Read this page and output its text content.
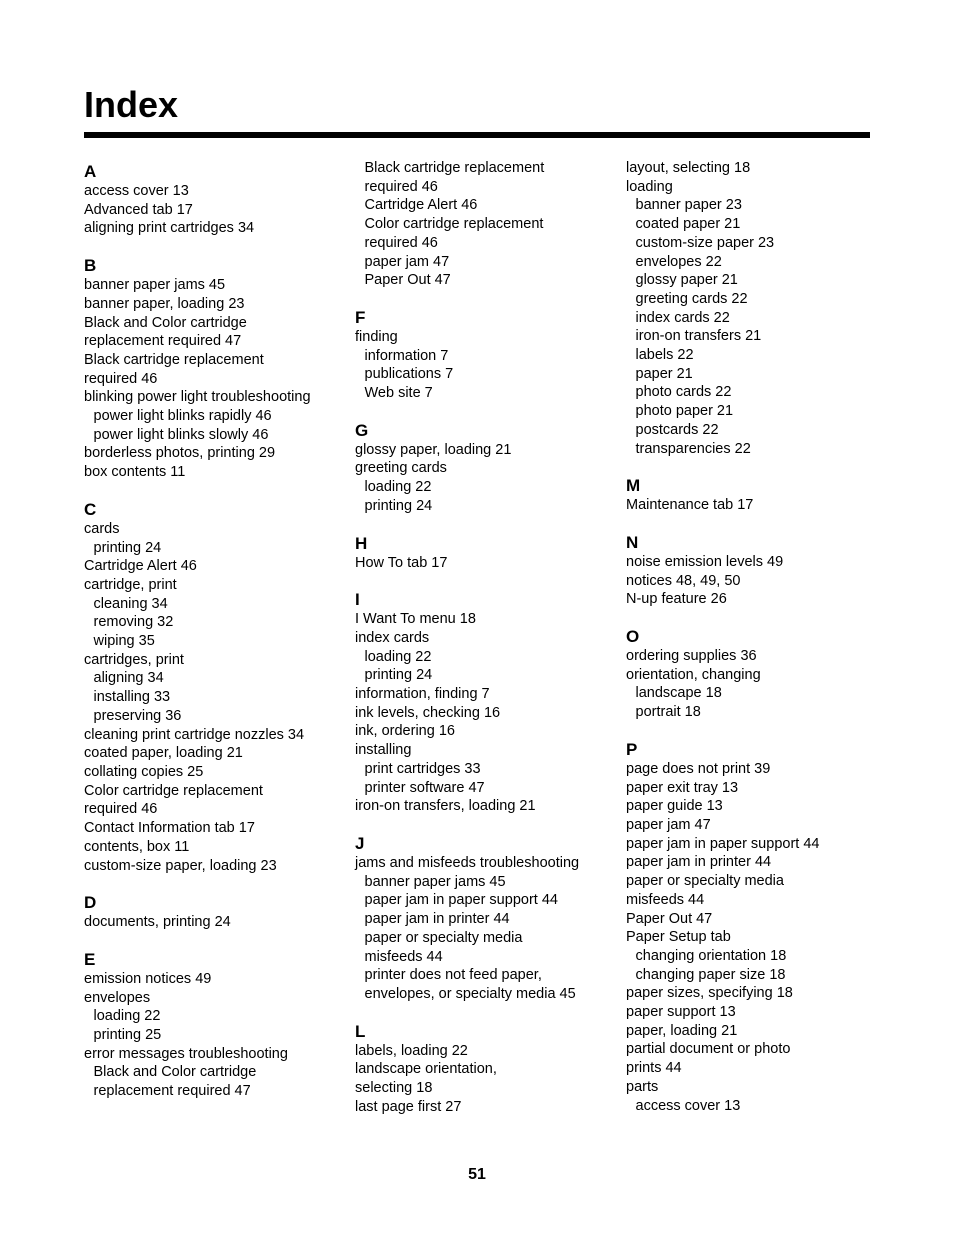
Index
A
access cover 13
Advanced tab 17
aligning print cartridges 34
B
banner paper jams 45
banner paper, loading 23
Black and Color cartridge
replacement required 47
Black cartridge replacement
required 46
blinking power light troubleshooting
power light blinks rapidly 46
power light blinks slowly 46
borderless photos, printing 29
box contents 11
C
cards
printing 24
Cartridge Alert 46
cartridge, print
cleaning 34
removing 32
wiping 35
cartridges, print
aligning 34
installing 33
preserving 36
cleaning print cartridge nozzles 34
coated paper, loading 21
collating copies 25
Color cartridge replacement
required 46
Contact Information tab 17
contents, box 11
custom-size paper, loading 23
D
documents, printing 24
E
emission notices 49
envelopes
loading 22
printing 25
error messages troubleshooting
Black and Color cartridge
replacement required 47
Black cartridge replacement
required 46
Cartridge Alert 46
Color cartridge replacement
required 46
paper jam 47
Paper Out 47
F
finding
information 7
publications 7
Web site 7
G
glossy paper, loading 21
greeting cards
loading 22
printing 24
H
How To tab 17
I
I Want To menu 18
index cards
loading 22
printing 24
information, finding 7
ink levels, checking 16
ink, ordering 16
installing
print cartridges 33
printer software 47
iron-on transfers, loading 21
J
jams and misfeeds troubleshooting
banner paper jams 45
paper jam in paper support 44
paper jam in printer 44
paper or specialty media
misfeeds 44
printer does not feed paper,
envelopes, or specialty media 45
L
labels, loading 22
landscape orientation,
selecting 18
last page first 27
layout, selecting 18
loading
banner paper 23
coated paper 21
custom-size paper 23
envelopes 22
glossy paper 21
greeting cards 22
index cards 22
iron-on transfers 21
labels 22
paper 21
photo cards 22
photo paper 21
postcards 22
transparencies 22
M
Maintenance tab 17
N
noise emission levels 49
notices 48, 49, 50
N-up feature 26
O
ordering supplies 36
orientation, changing
landscape 18
portrait 18
P
page does not print 39
paper exit tray 13
paper guide 13
paper jam 47
paper jam in paper support 44
paper jam in printer 44
paper or specialty media
misfeeds 44
Paper Out 47
Paper Setup tab
changing orientation 18
changing paper size 18
paper sizes, specifying 18
paper support 13
paper, loading 21
partial document or photo
prints 44
parts
access cover 13
51
